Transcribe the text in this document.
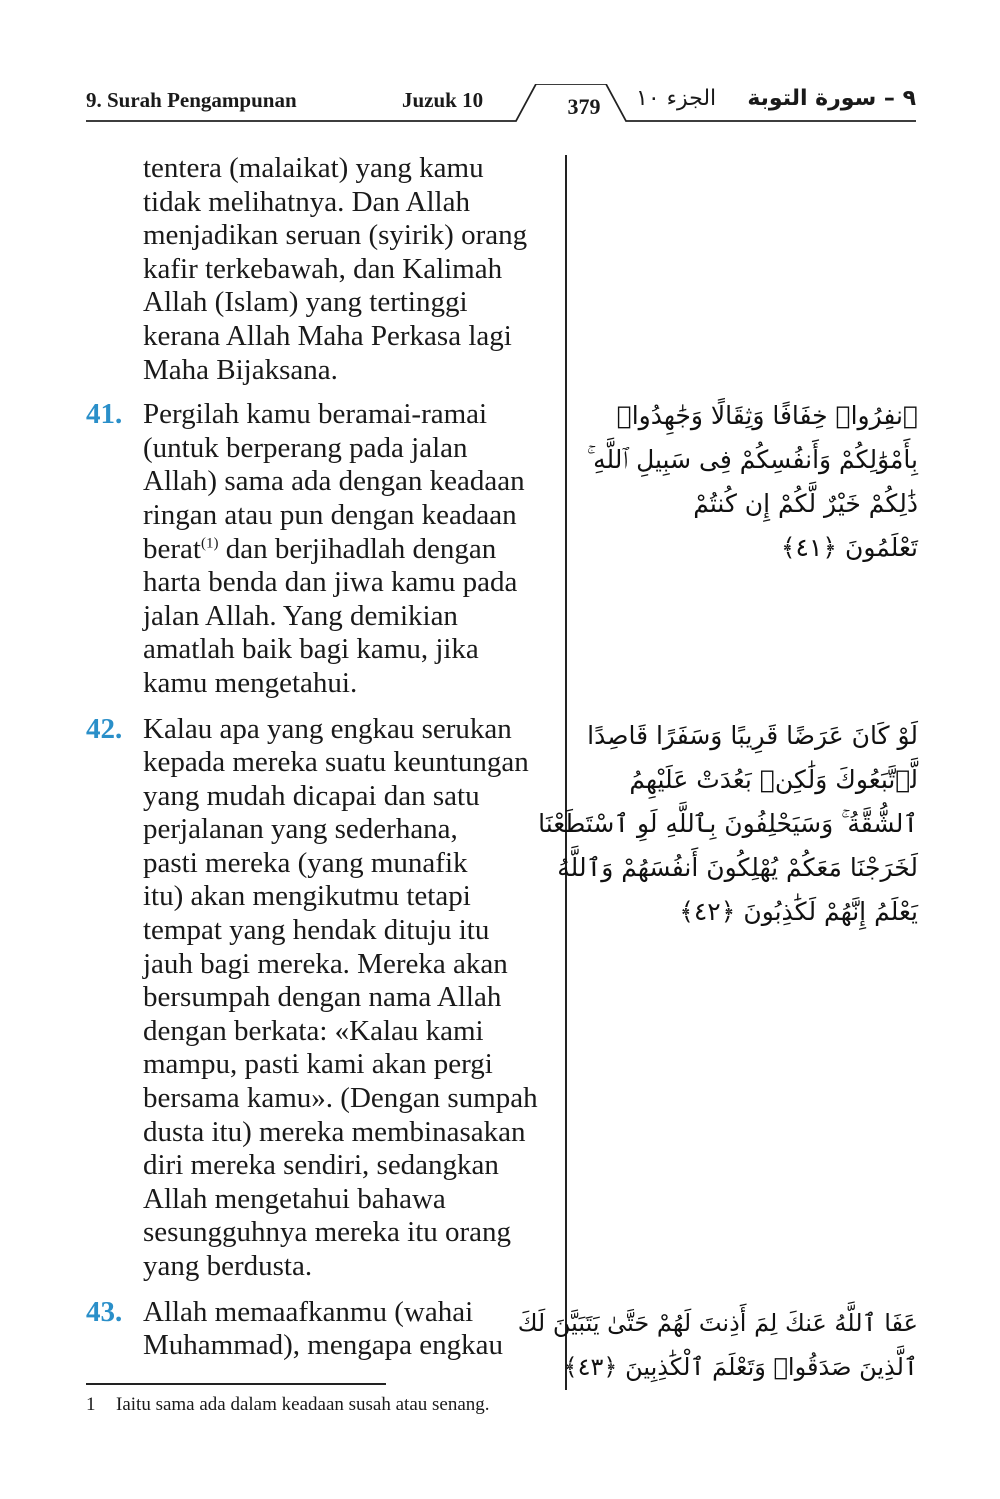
9. Surah Pengampunan	Juzuk 10	379	الجزء ١٠ ٩ – سورة التوبة

tentera (malaikat) yang kamu

tidak melihatnya. Dan Allah

menjadikan seruan (syirik) orang

kafir terkebawah, dan Kalimah

Allah (Islam) yang tertinggi

kerana Allah Maha Perkasa lagi

Maha Bijaksana.

41. Pergilah kamu beramai-ramai

(untuk berperang pada jalan

Allah) sama ada dengan keadaan

ringan atau pun dengan keadaan

berat$^{(1)}$ dan berjihadlah dengan

harta benda dan jiwa kamu pada

jalan Allah. Yang demikian

amatlah baik bagi kamu, jika

kamu mengetahui.

42. Kalau apa yang engkau serukan

kepada mereka suatu keuntungan

yang mudah dicapai dan satu

perjalanan yang sederhana,

pasti mereka (yang munafik

itu) akan mengikutmu tetapi

tempat yang hendak dituju itu

jauh bagi mereka. Mereka akan

bersumpah dengan nama Allah

dengan berkata: «Kalau kami

mampu, pasti kami akan pergi

bersama kamu». (Dengan sumpah

dusta itu) mereka membinasakan

diri mereka sendiri, sedangkan

Allah mengetahui bahawa

sesungguhnya mereka itu orang

yang berdusta.

43. Allah memaafkanmu (wahai

Muhammad), mengapa engkau

ٱنفِرُوا۟ خِفَافًا وَثِقَالًا وَجَٰهِدُوا۟
بِأَمْوَٰلِكُمْ وَأَنفُسِكُمْ فِى سَبِيلِ ٱللَّهِ ۚ
ذَٰلِكُمْ خَيْرٌ لَّكُمْ إِن كُنتُمْ
تَعْلَمُونَ ﴿٤١﴾
لَوْ كَانَ عَرَضًا قَرِيبًا وَسَفَرًا قَاصِدًا
لَّٱتَّبَعُوكَ وَلَٰكِنۢ بَعُدَتْ عَلَيْهِمُ
ٱلشُّقَّةُ ۚ وَسَيَحْلِفُونَ بِٱللَّهِ لَوِ ٱسْتَطَعْنَا
لَخَرَجْنَا مَعَكُمْ يُهْلِكُونَ أَنفُسَهُمْ وَٱللَّهُ
يَعْلَمُ إِنَّهُمْ لَكَٰذِبُونَ ﴿٤٢﴾
عَفَا ٱللَّهُ عَنكَ لِمَ أَذِنتَ لَهُمْ حَتَّىٰ يَتَبَيَّنَ لَكَ
ٱلَّذِينَ صَدَقُوا۟ وَتَعْلَمَ ٱلْكَٰذِبِينَ ﴿٤٣﴾
1 Iaitu sama ada dalam keadaan susah atau senang.
